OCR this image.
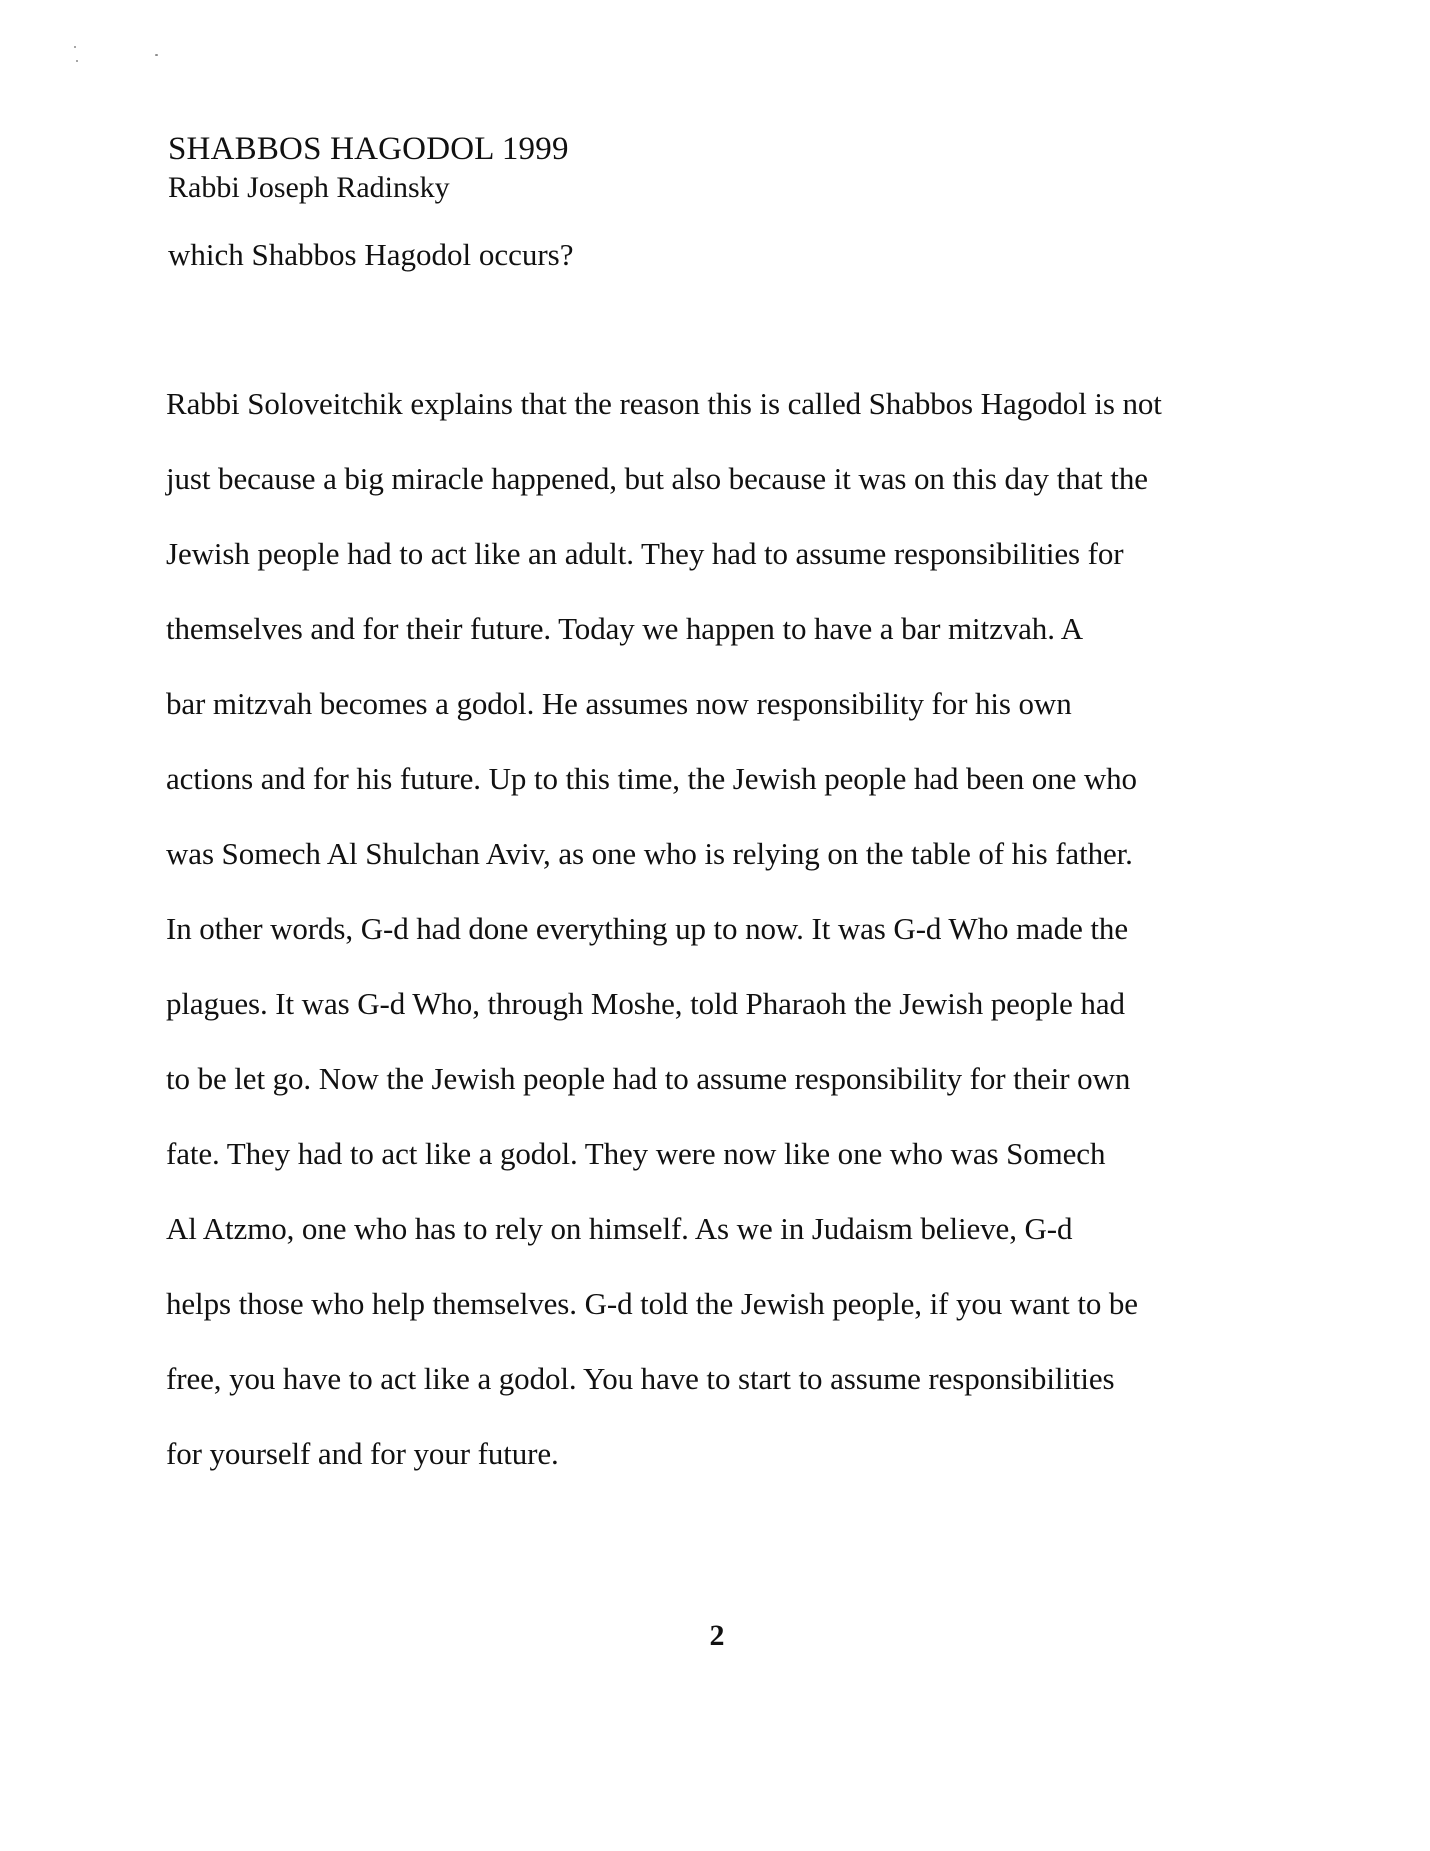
SHABBOS HAGODOL 1999
Rabbi Joseph Radinsky
which Shabbos Hagodol occurs?
Rabbi Soloveitchik explains that the reason this is called Shabbos Hagodol is not
just because a big miracle happened, but also because it was on this day that the
Jewish people had to act like an adult. They had to assume responsibilities for
themselves and for their future. Today we happen to have a bar mitzvah. A
bar mitzvah becomes a godol. He assumes now responsibility for his own
actions and for his future. Up to this time, the Jewish people had been one who
was Somech Al Shulchan Aviv, as one who is relying on the table of his father.
In other words, G-d had done everything up to now. It was G-d Who made the
plagues. It was G-d Who, through Moshe, told Pharaoh the Jewish people had
to be let go. Now the Jewish people had to assume responsibility for their own
fate. They had to act like a godol. They were now like one who was Somech
Al Atzmo, one who has to rely on himself. As we in Judaism believe, G-d
helps those who help themselves. G-d told the Jewish people, if you want to be
free, you have to act like a godol. You have to start to assume responsibilities
for yourself and for your future.
2
